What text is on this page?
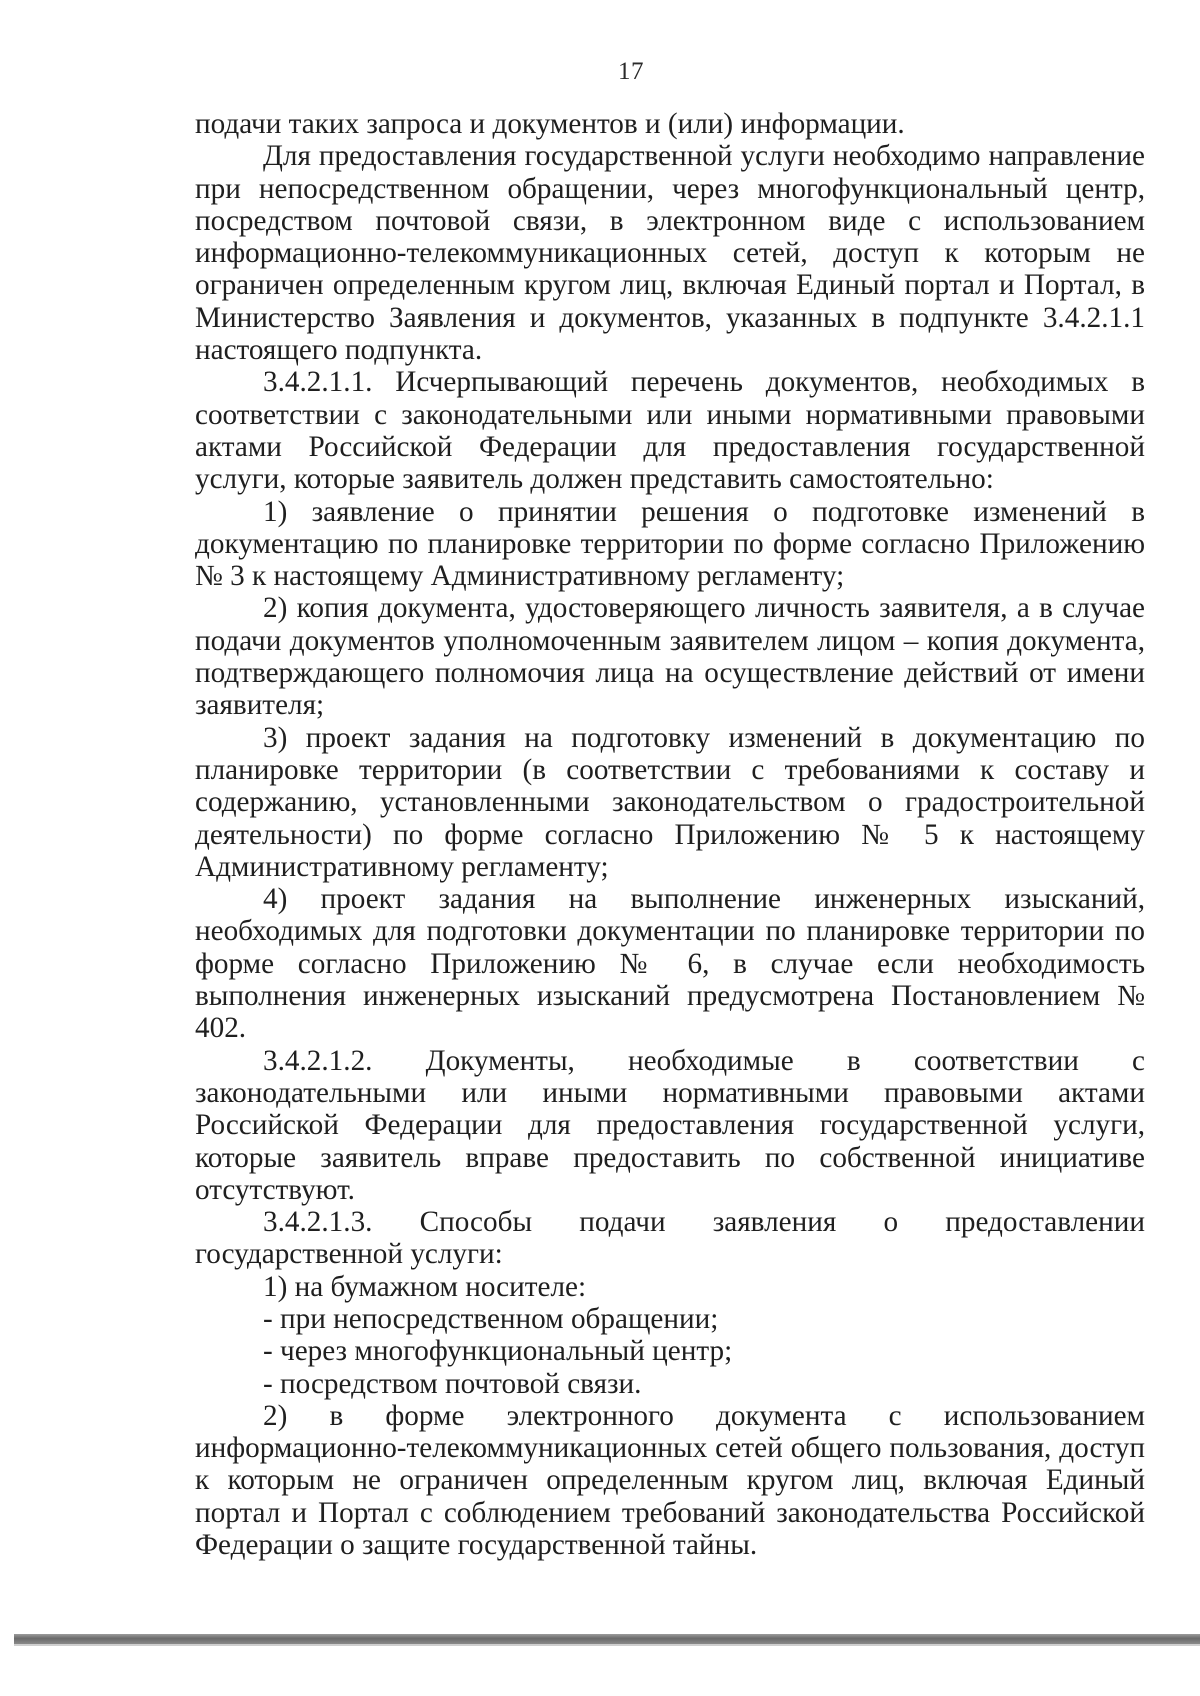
17

подачи таких запроса и документов и (или) информации.

Для предоставления государственной услуги необходимо направление при непосредственном обращении, через многофункциональный центр, посредством почтовой связи, в электронном виде с использованием информационно-телекоммуникационных сетей, доступ к которым не ограничен определенным кругом лиц, включая Единый портал и Портал, в Министерство Заявления и документов, указанных в подпункте 3.4.2.1.1 настоящего подпункта.

3.4.2.1.1. Исчерпывающий перечень документов, необходимых в соответствии с законодательными или иными нормативными правовыми актами Российской Федерации для предоставления государственной услуги, которые заявитель должен представить самостоятельно:

1) заявление о принятии решения о подготовке изменений в документацию по планировке территории по форме согласно Приложению № 3 к настоящему Административному регламенту;

2) копия документа, удостоверяющего личность заявителя, а в случае подачи документов уполномоченным заявителем лицом – копия документа, подтверждающего полномочия лица на осуществление действий от имени заявителя;

3) проект задания на подготовку изменений в документацию по планировке территории (в соответствии с требованиями к составу и содержанию, установленными законодательством о градостроительной деятельности) по форме согласно Приложению № 5 к настоящему Административному регламенту;

4) проект задания на выполнение инженерных изысканий, необходимых для подготовки документации по планировке территории по форме согласно Приложению № 6, в случае если необходимость выполнения инженерных изысканий предусмотрена Постановлением № 402.

3.4.2.1.2. Документы, необходимые в соответствии с законодательными или иными нормативными правовыми актами Российской Федерации для предоставления государственной услуги, которые заявитель вправе предоставить по собственной инициативе отсутствуют.

3.4.2.1.3. Способы подачи заявления о предоставлении государственной услуги:

1) на бумажном носителе:

- при непосредственном обращении;

- через многофункциональный центр;

- посредством почтовой связи.

2) в форме электронного документа с использованием информационно-телекоммуникационных сетей общего пользования, доступ к которым не ограничен определенным кругом лиц, включая Единый портал и Портал с соблюдением требований законодательства Российской Федерации о защите государственной тайны.
